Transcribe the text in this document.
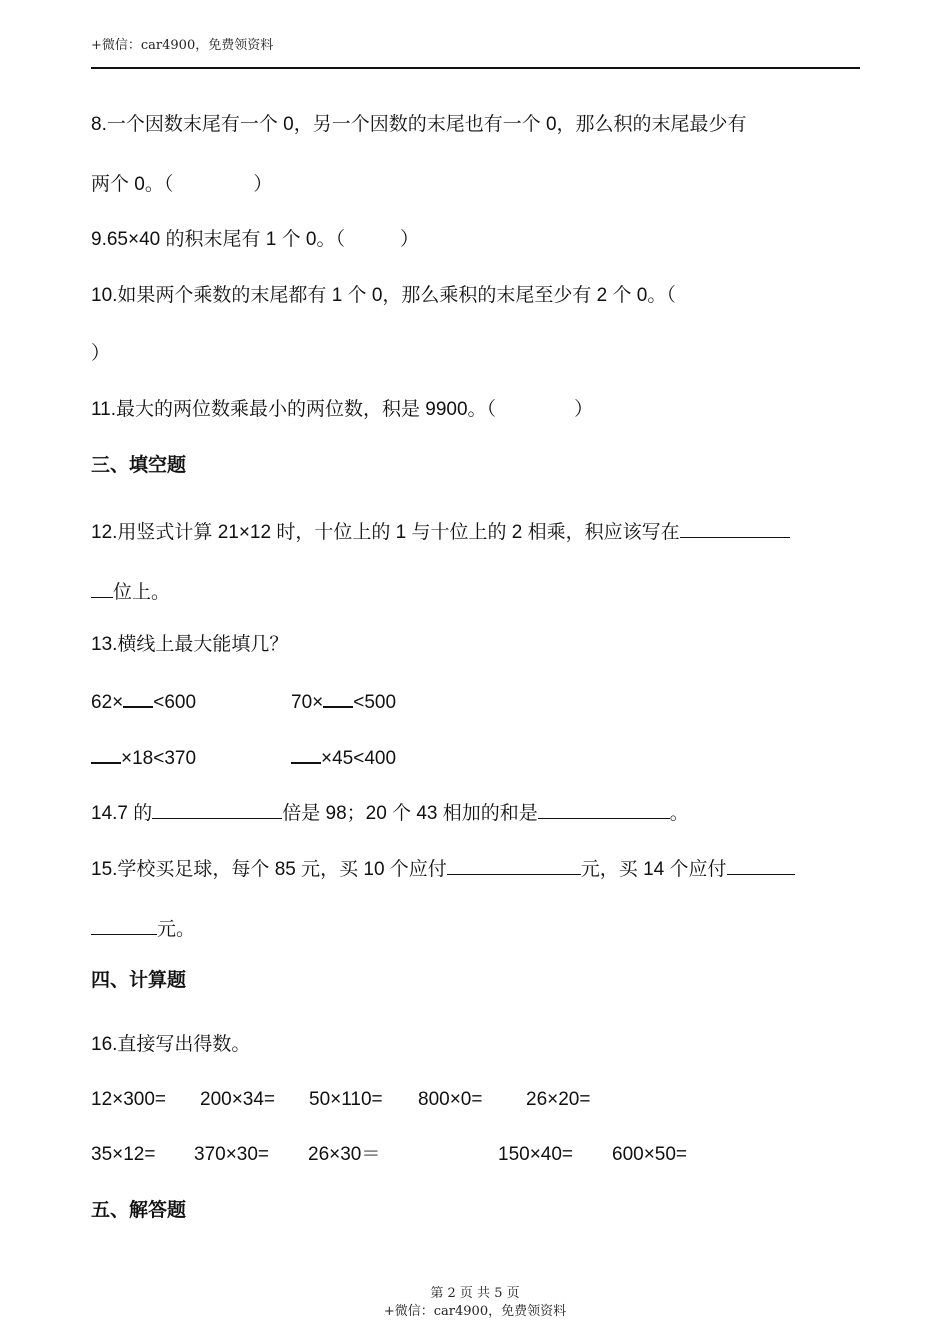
+微信：car4900，免费领资料
8.一个因数末尾有一个 0，另一个因数的末尾也有一个 0，那么积的末尾最少有
两个 0。（	）
9.65×40 的积末尾有 1 个 0。（	）
10.如果两个乘数的末尾都有 1 个 0，那么乘积的末尾至少有 2 个 0。（
）
11.最大的两位数乘最小的两位数，积是 9900。（	）
三、填空题
12.用竖式计算 21×12 时，十位上的 1 与十位上的 2 相乘，积应该写在
位上。
13.横线上最大能填几？
62× <600	70× <500
×18<370	×45<400
14.7 的	倍是 98；20 个 43 相加的和是	。
15.学校买足球，每个 85 元，买 10 个应付	元，买 14 个应付
元。
四、计算题
16.直接写出得数。
12×300= 200×34= 50×110= 800×0= 26×20=
35×12= 370×30= 26×30＝	150×40= 600×50=
五、解答题
第 2 页 共 5 页
+微信：car4900，免费领资料
